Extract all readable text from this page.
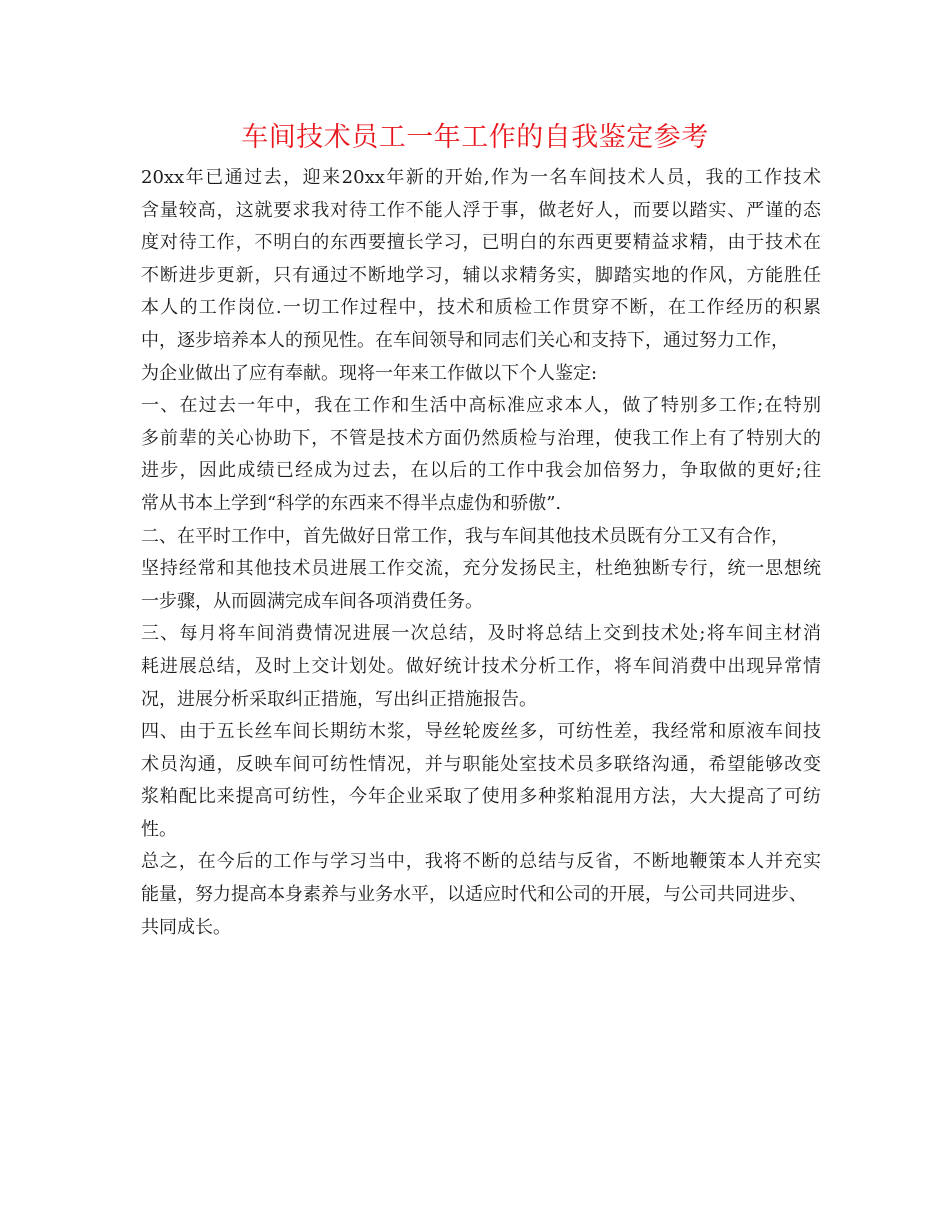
车间技术员工一年工作的自我鉴定参考
20xx年已通过去，迎来20xx年新的开始,作为一名车间技术人员，我的工作技术
含量较高，这就要求我对待工作不能人浮于事，做老好人，而要以踏实、严谨的态
度对待工作，不明白的东西要擅长学习，已明白的东西更要精益求精，由于技术在
不断进步更新，只有通过不断地学习，辅以求精务实，脚踏实地的作风，方能胜任
本人的工作岗位.一切工作过程中，技术和质检工作贯穿不断，在工作经历的积累
中，逐步培养本人的预见性。在车间领导和同志们关心和支持下，通过努力工作，
为企业做出了应有奉献。现将一年来工作做以下个人鉴定:
一、在过去一年中，我在工作和生活中高标准应求本人，做了特别多工作;在特别
多前辈的关心协助下，不管是技术方面仍然质检与治理，使我工作上有了特别大的
进步，因此成绩已经成为过去，在以后的工作中我会加倍努力，争取做的更好;往
常从书本上学到“科学的东西来不得半点虚伪和骄傲”.
二、在平时工作中，首先做好日常工作，我与车间其他技术员既有分工又有合作，
坚持经常和其他技术员进展工作交流，充分发扬民主，杜绝独断专行，统一思想统
一步骤，从而圆满完成车间各项消费任务。
三、每月将车间消费情况进展一次总结，及时将总结上交到技术处;将车间主材消
耗进展总结，及时上交计划处。做好统计技术分析工作，将车间消费中出现异常情
况，进展分析采取纠正措施，写出纠正措施报告。
四、由于五长丝车间长期纺木浆，导丝轮废丝多，可纺性差，我经常和原液车间技
术员沟通，反映车间可纺性情况，并与职能处室技术员多联络沟通，希望能够改变
浆粕配比来提高可纺性，今年企业采取了使用多种浆粕混用方法，大大提高了可纺
性。
总之，在今后的工作与学习当中，我将不断的总结与反省，不断地鞭策本人并充实
能量，努力提高本身素养与业务水平，以适应时代和公司的开展，与公司共同进步、
共同成长。
